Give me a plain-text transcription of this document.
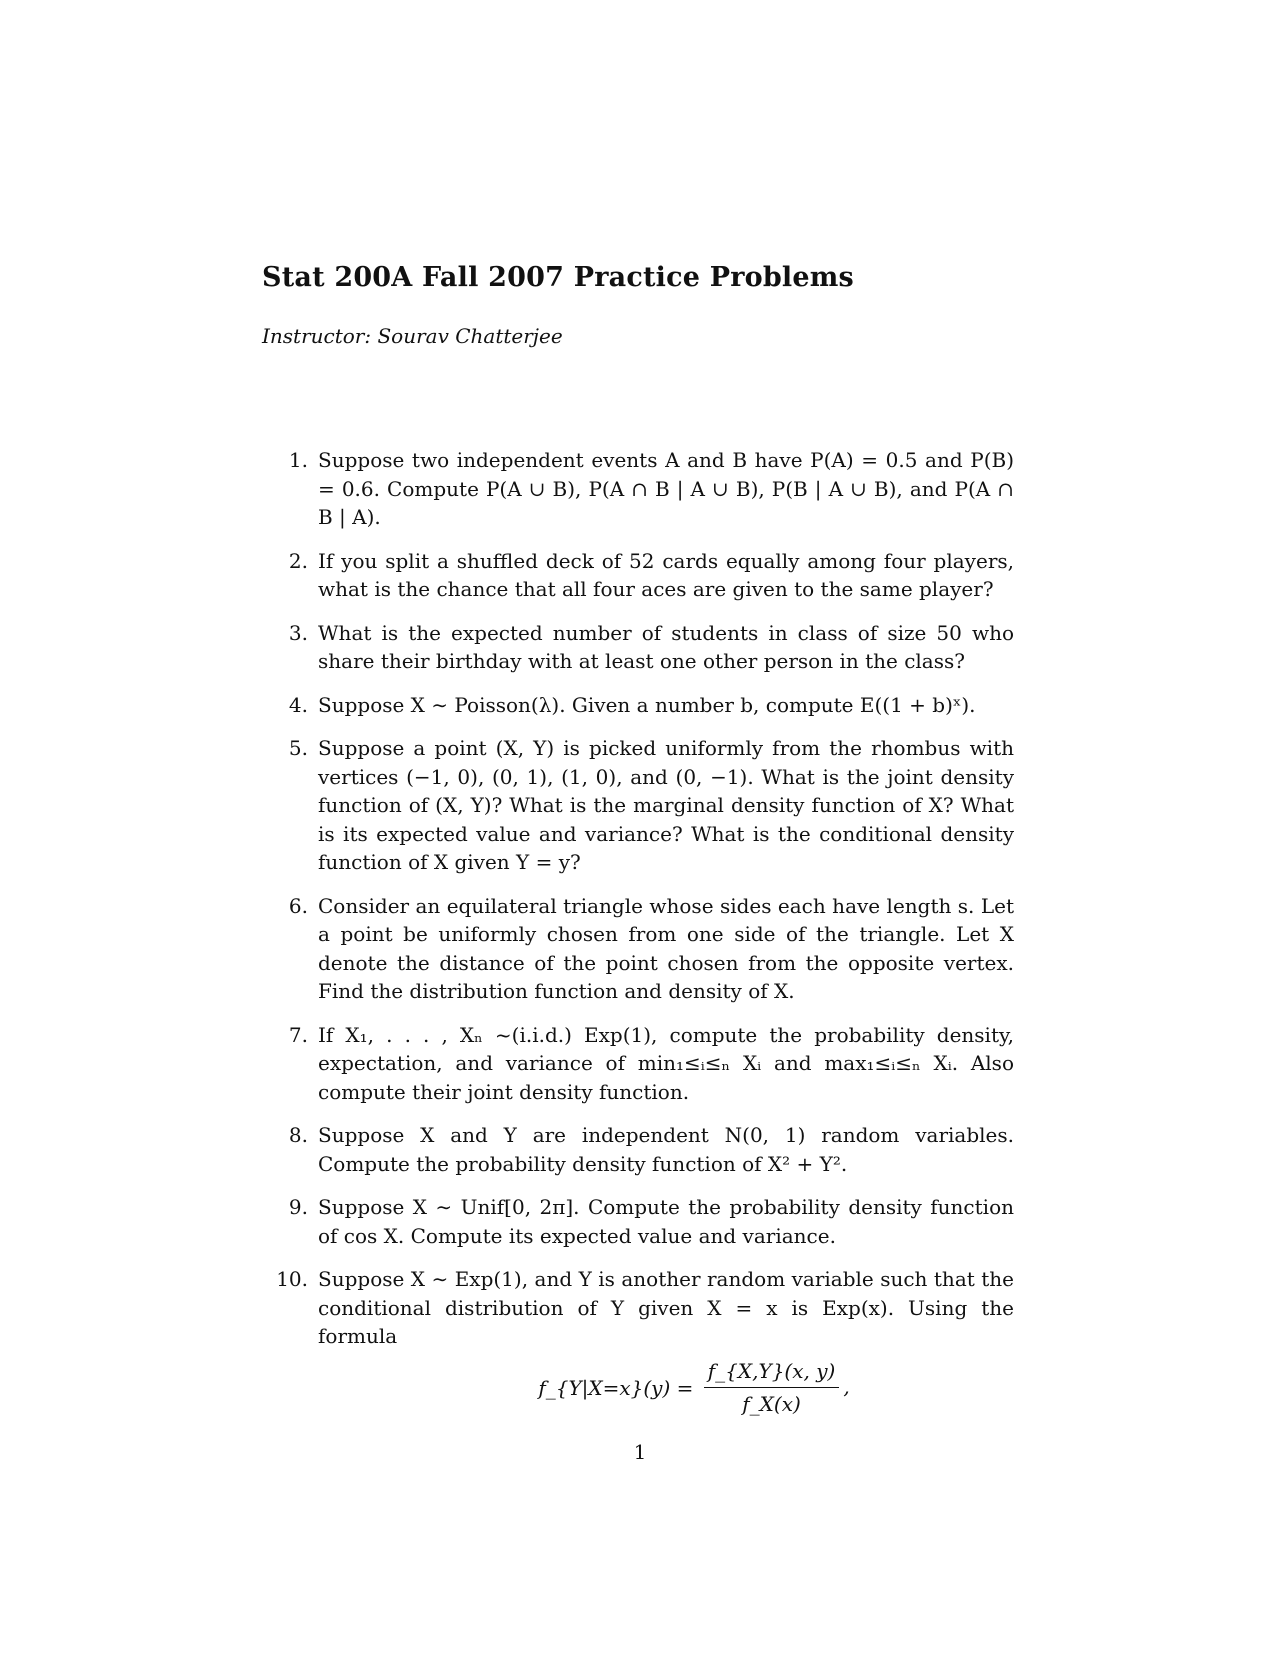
Stat 200A Fall 2007 Practice Problems
Instructor: Sourav Chatterjee
1. Suppose two independent events A and B have P(A) = 0.5 and P(B) = 0.6. Compute P(A ∪ B), P(A ∩ B | A ∪ B), P(B | A ∪ B), and P(A ∩ B | A).
2. If you split a shuffled deck of 52 cards equally among four players, what is the chance that all four aces are given to the same player?
3. What is the expected number of students in class of size 50 who share their birthday with at least one other person in the class?
4. Suppose X ∼ Poisson(λ). Given a number b, compute E((1 + b)ˣ).
5. Suppose a point (X, Y) is picked uniformly from the rhombus with vertices (−1, 0), (0, 1), (1, 0), and (0, −1). What is the joint density function of (X, Y)? What is the marginal density function of X? What is its expected value and variance? What is the conditional density function of X given Y = y?
6. Consider an equilateral triangle whose sides each have length s. Let a point be uniformly chosen from one side of the triangle. Let X denote the distance of the point chosen from the opposite vertex. Find the distribution function and density of X.
7. If X₁, . . . , Xₙ ~(i.i.d.) Exp(1), compute the probability density, expectation, and variance of min₁≤ᵢ≤ₙ Xᵢ and max₁≤ᵢ≤ₙ Xᵢ. Also compute their joint density function.
8. Suppose X and Y are independent N(0, 1) random variables. Compute the probability density function of X² + Y².
9. Suppose X ∼ Unif[0, 2π]. Compute the probability density function of cos X. Compute its expected value and variance.
10. Suppose X ∼ Exp(1), and Y is another random variable such that the conditional distribution of Y given X = x is Exp(x). Using the formula
f_{Y|X=x}(y) = $\frac{f\_\{X,Y\}(x, y)}{f\_X(x)}$ ,
1
